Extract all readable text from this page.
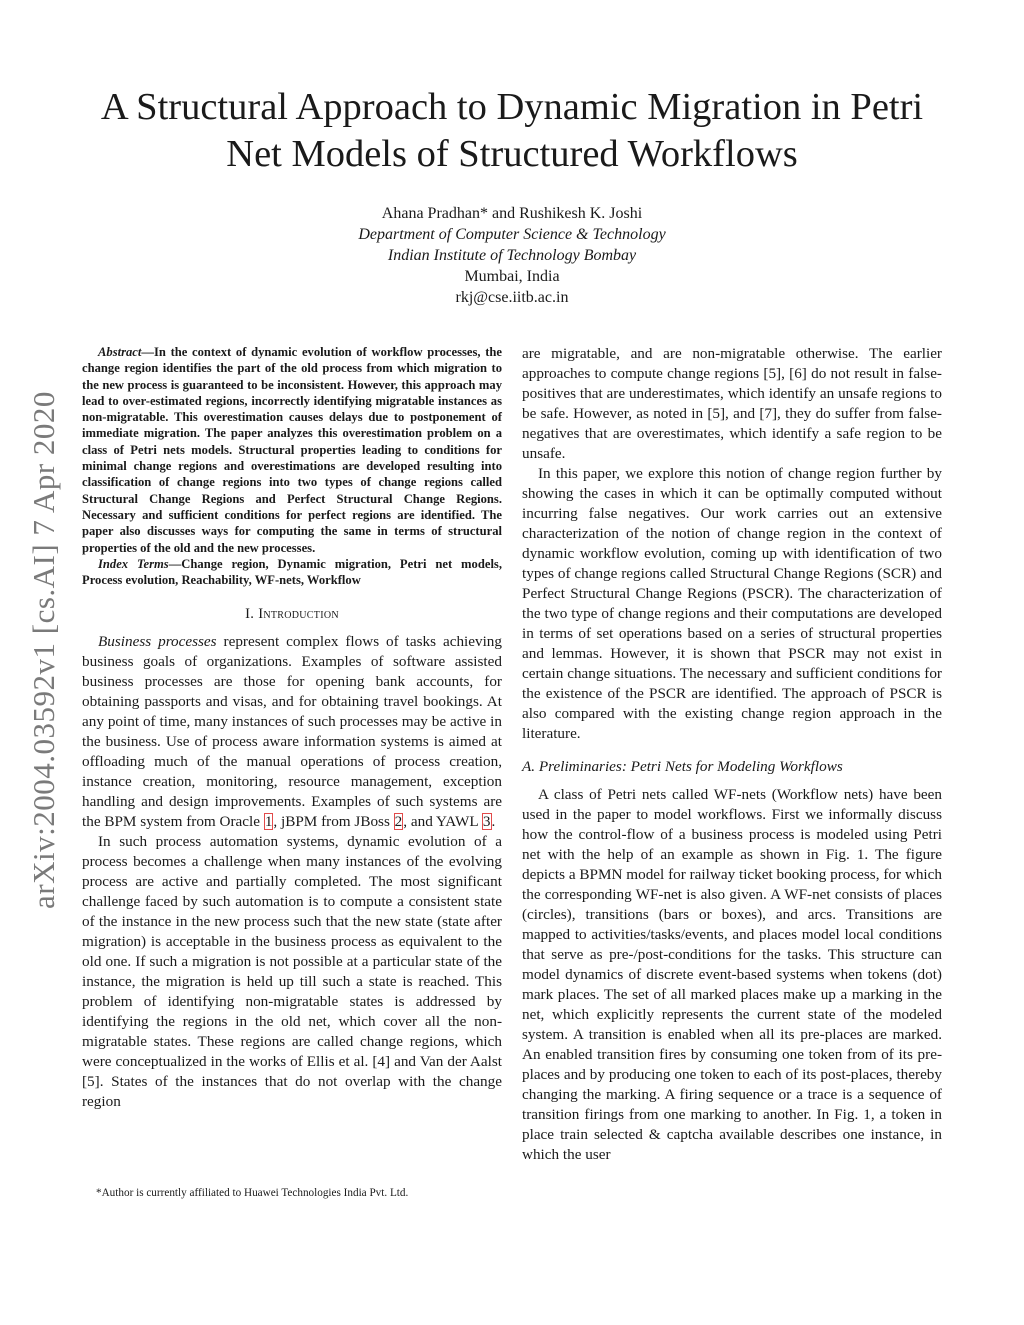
arXiv:2004.03592v1 [cs.AI] 7 Apr 2020
A Structural Approach to Dynamic Migration in Petri Net Models of Structured Workflows
Ahana Pradhan* and Rushikesh K. Joshi
Department of Computer Science & Technology
Indian Institute of Technology Bombay
Mumbai, India
rkj@cse.iitb.ac.in

Abstract—In the context of dynamic evolution of workflow processes, the change region identifies the part of the old process from which migration to the new process is guaranteed to be inconsistent. However, this approach may lead to over-estimated regions, incorrectly identifying migratable instances as non-migratable. This overestimation causes delays due to postponement of immediate migration. The paper analyzes this overestimation problem on a class of Petri nets models. Structural properties leading to conditions for minimal change regions and overestimations are developed resulting into classification of change regions into two types of change regions called Structural Change Regions and Perfect Structural Change Regions. Necessary and sufficient conditions for perfect regions are identified. The paper also discusses ways for computing the same in terms of structural properties of the old and the new processes.

Index Terms—Change region, Dynamic migration, Petri net models, Process evolution, Reachability, WF-nets, Workflow

I. Introduction

Business processes represent complex flows of tasks achieving business goals of organizations. Examples of software assisted business processes are those for opening bank accounts, for obtaining passports and visas, and for obtaining travel bookings. At any point of time, many instances of such processes may be active in the business. Use of process aware information systems is aimed at offloading much of the manual operations of process creation, instance creation, monitoring, resource management, exception handling and design improvements. Examples of such systems are the BPM system from Oracle 1, jBPM from JBoss 2, and YAWL 3.

In such process automation systems, dynamic evolution of a process becomes a challenge when many instances of the evolving process are active and partially completed. The most significant challenge faced by such automation is to compute a consistent state of the instance in the new process such that the new state (state after migration) is acceptable in the business process as equivalent to the old one. If such a migration is not possible at a particular state of the instance, the migration is held up till such a state is reached. This problem of identifying non-migratable states is addressed by identifying the regions in the old net, which cover all the non-migratable states. These regions are called change regions, which were conceptualized in the works of Ellis et al. [4] and Van der Aalst [5]. States of the instances that do not overlap with the change region

are migratable, and are non-migratable otherwise. The earlier approaches to compute change regions [5], [6] do not result in false-positives that are underestimates, which identify an unsafe regions to be safe. However, as noted in [5], and [7], they do suffer from false-negatives that are overestimates, which identify a safe region to be unsafe.

In this paper, we explore this notion of change region further by showing the cases in which it can be optimally computed without incurring false negatives. Our work carries out an extensive characterization of the notion of change region in the context of dynamic workflow evolution, coming up with identification of two types of change regions called Structural Change Regions (SCR) and Perfect Structural Change Regions (PSCR). The characterization of the two type of change regions and their computations are developed in terms of set operations based on a series of structural properties and lemmas. However, it is shown that PSCR may not exist in certain change situations. The necessary and sufficient conditions for the existence of the PSCR are identified. The approach of PSCR is also compared with the existing change region approach in the literature.

A. Preliminaries: Petri Nets for Modeling Workflows

A class of Petri nets called WF-nets (Workflow nets) have been used in the paper to model workflows. First we informally discuss how the control-flow of a business process is modeled using Petri net with the help of an example as shown in Fig. 1. The figure depicts a BPMN model for railway ticket booking process, for which the corresponding WF-net is also given. A WF-net consists of places (circles), transitions (bars or boxes), and arcs. Transitions are mapped to activities/tasks/events, and places model local conditions that serve as pre-/post-conditions for the tasks. This structure can model dynamics of discrete event-based systems when tokens (dot) mark places. The set of all marked places make up a marking in the net, which explicitly represents the current state of the modeled system. A transition is enabled when all its pre-places are marked. An enabled transition fires by consuming one token from of its pre-places and by producing one token to each of its post-places, thereby changing the marking. A firing sequence or a trace is a sequence of transition firings from one marking to another. In Fig. 1, a token in place train selected & captcha available describes one instance, in which the user

*Author is currently affiliated to Huawei Technologies India Pvt. Ltd.
